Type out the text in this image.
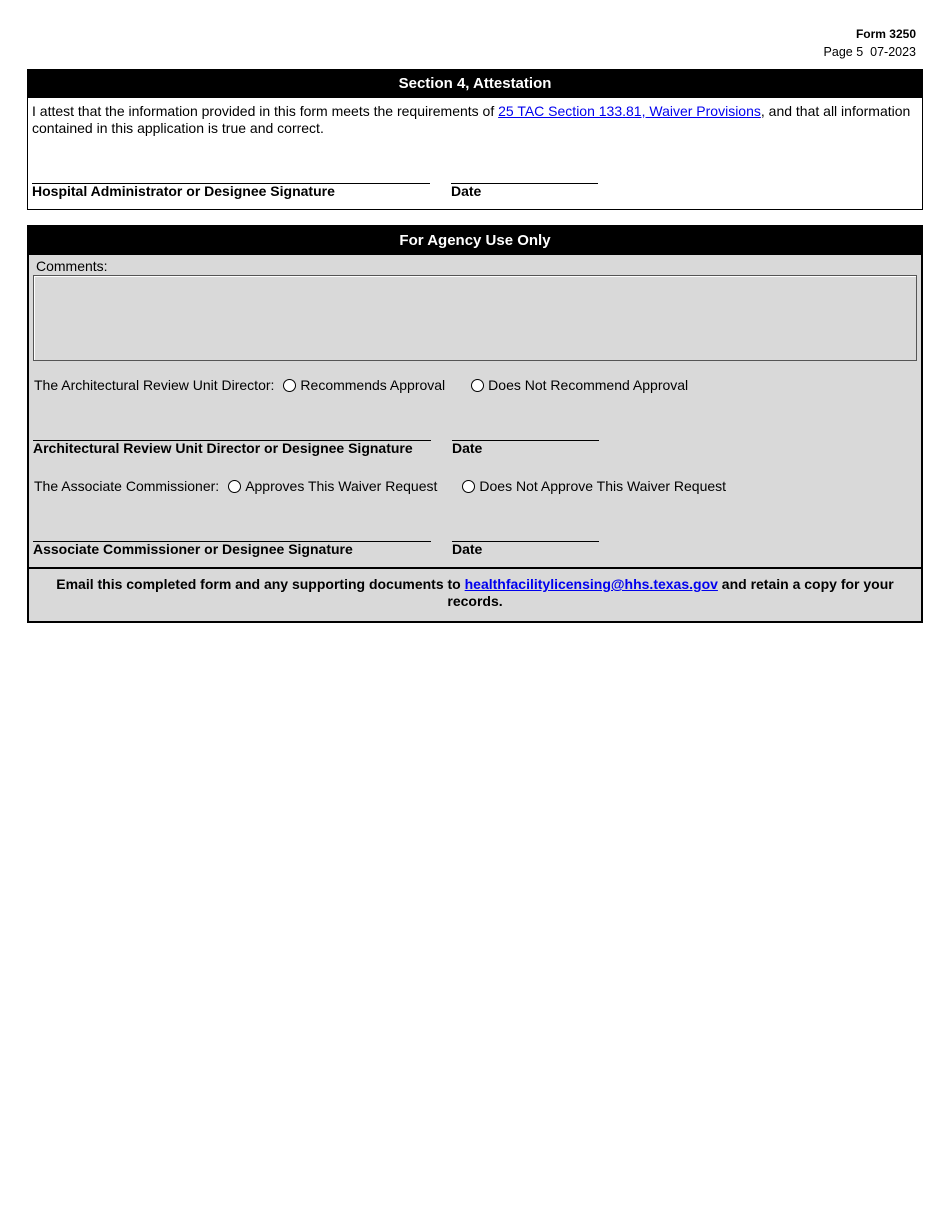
Form 3250
Page 5 07-2023
Section 4, Attestation
I attest that the information provided in this form meets the requirements of 25 TAC Section 133.81, Waiver Provisions, and that all information contained in this application is true and correct.
Hospital Administrator or Designee Signature	Date
For Agency Use Only
Comments:
The Architectural Review Unit Director: Recommends Approval	Does Not Recommend Approval
Architectural Review Unit Director or Designee Signature	Date
The Associate Commissioner: Approves This Waiver Request	Does Not Approve This Waiver Request
Associate Commissioner or Designee Signature	Date
Email this completed form and any supporting documents to healthfacilitylicensing@hhs.texas.gov and retain a copy for your records.
